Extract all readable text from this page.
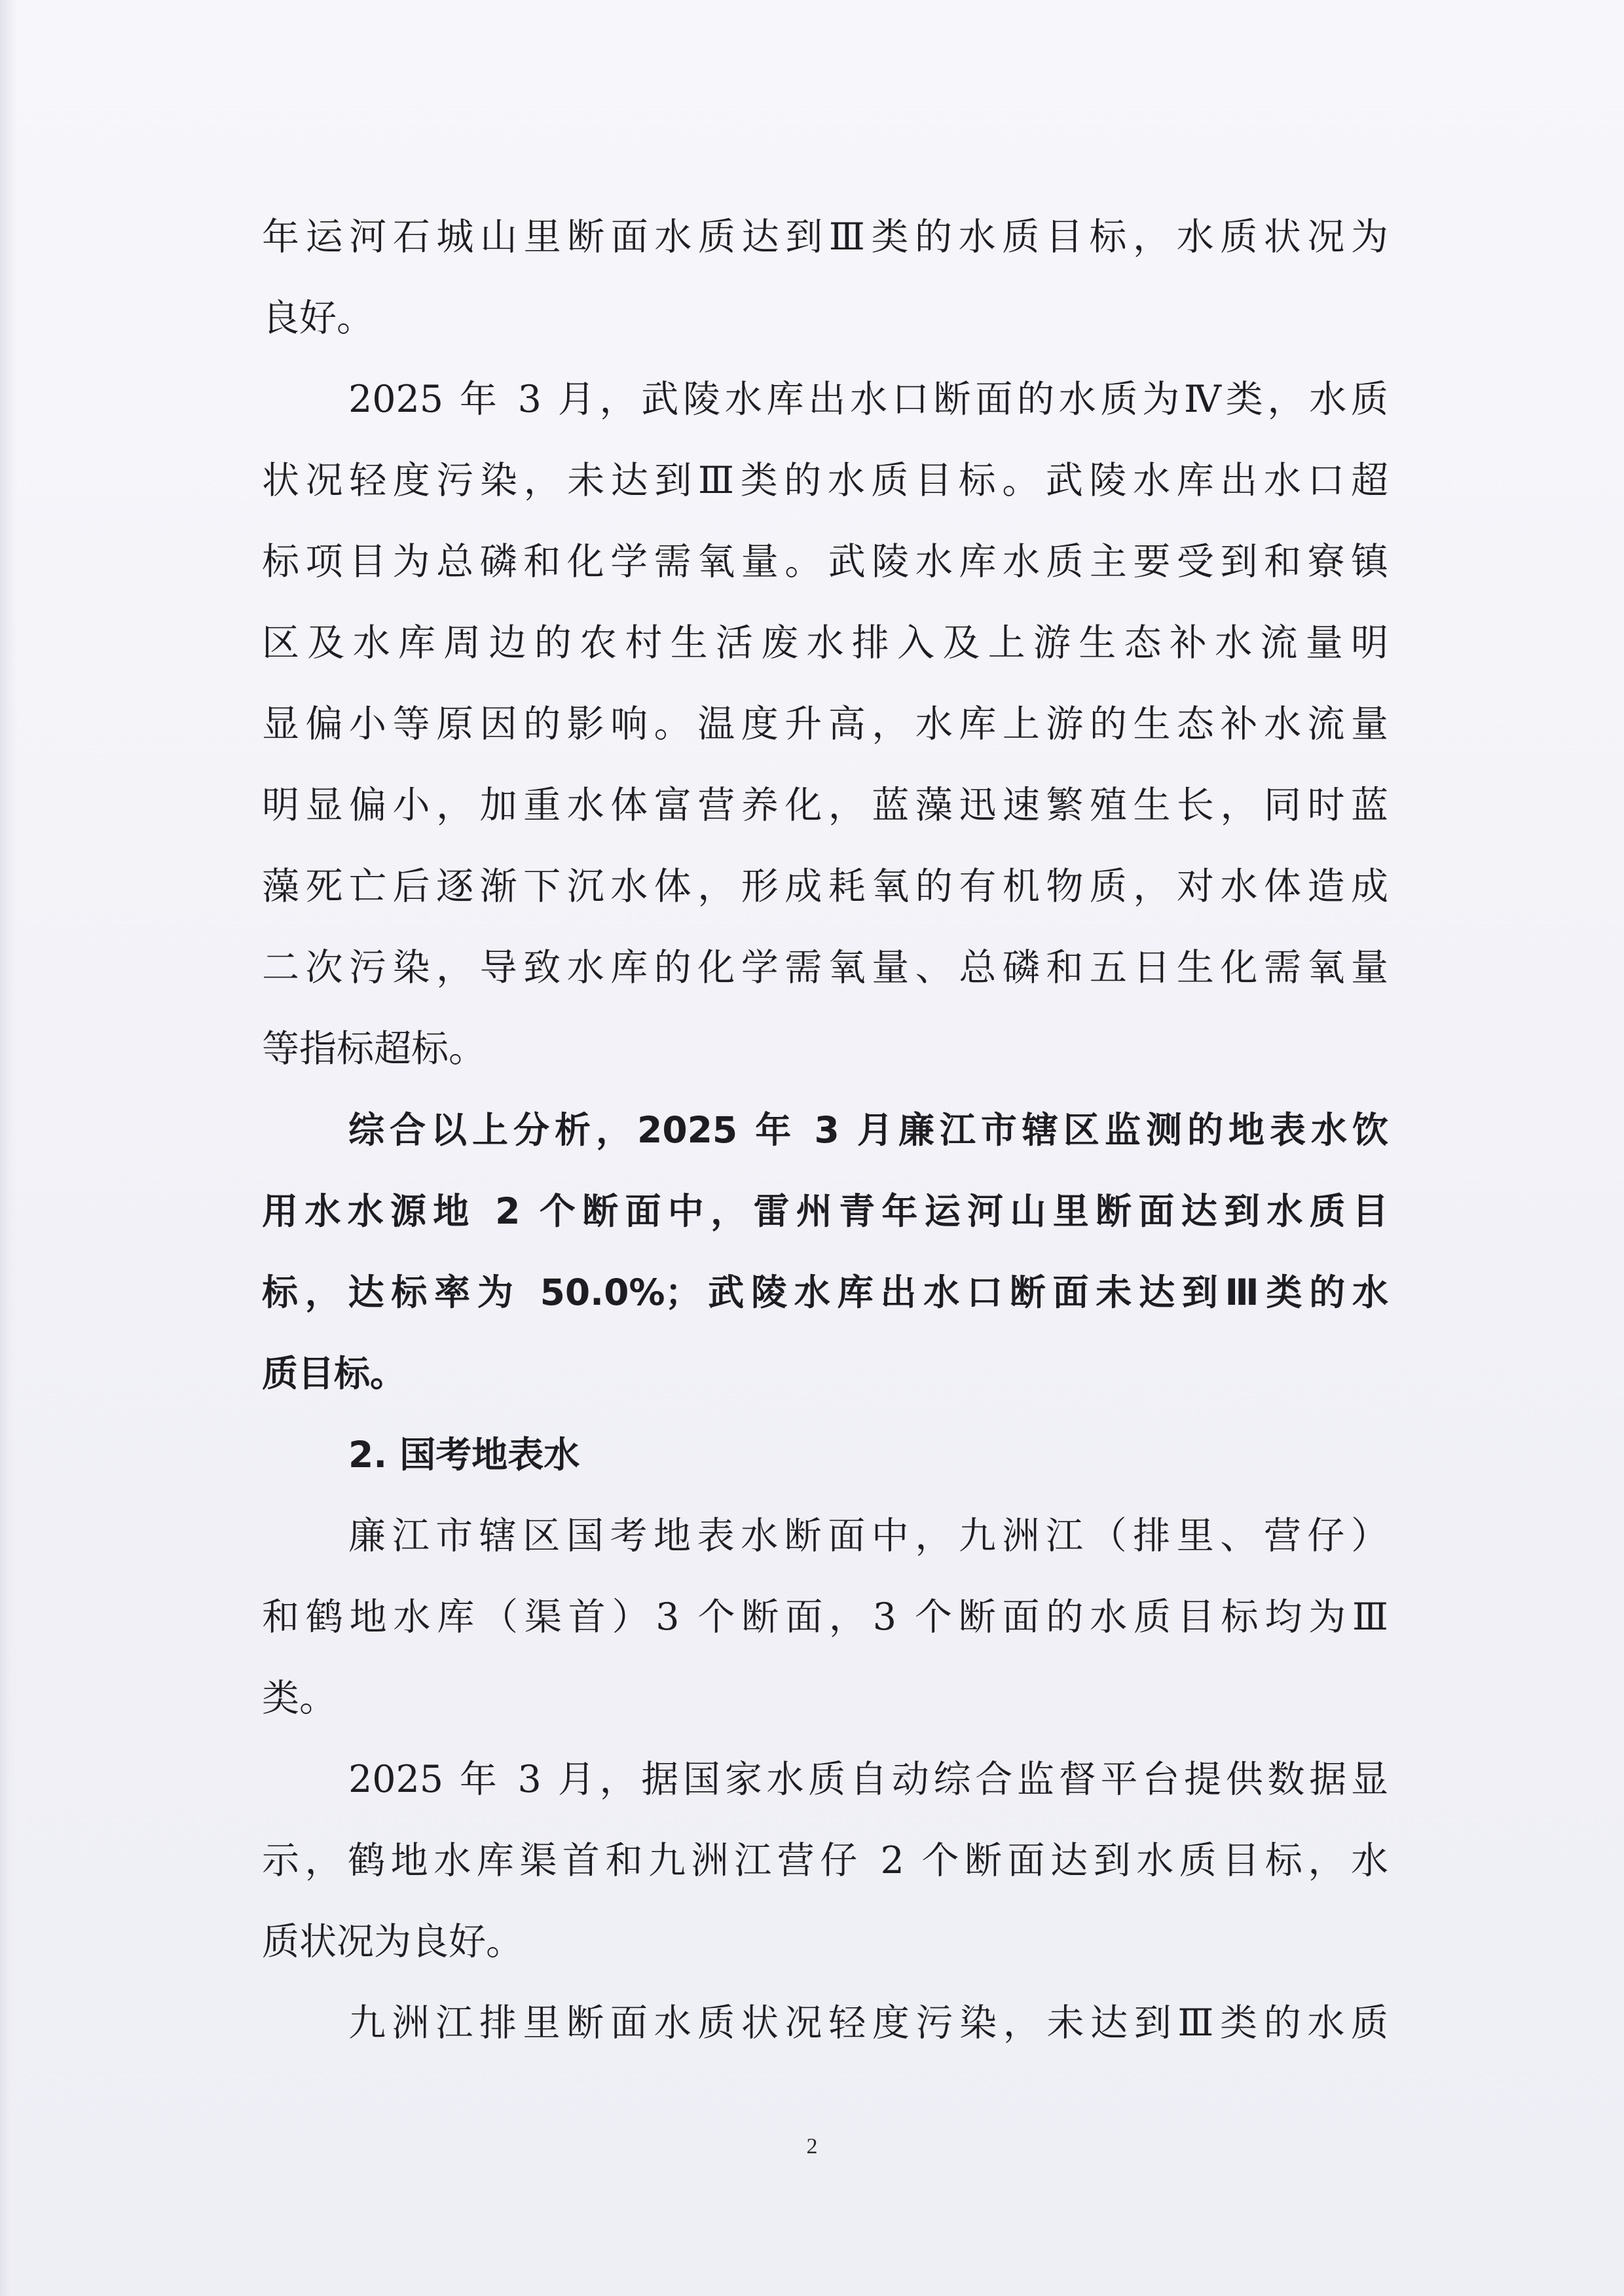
年运河石城山里断面水质达到Ⅲ类的水质目标，水质状况为
良好。
2025 年 3 月，武陵水库出水口断面的水质为Ⅳ类，水质
状况轻度污染，未达到Ⅲ类的水质目标。武陵水库出水口超
标项目为总磷和化学需氧量。武陵水库水质主要受到和寮镇
区及水库周边的农村生活废水排入及上游生态补水流量明
显偏小等原因的影响。温度升高，水库上游的生态补水流量
明显偏小，加重水体富营养化，蓝藻迅速繁殖生长，同时蓝
藻死亡后逐渐下沉水体，形成耗氧的有机物质，对水体造成
二次污染，导致水库的化学需氧量、总磷和五日生化需氧量
等指标超标。
综合以上分析，2025 年 3 月廉江市辖区监测的地表水饮
用水水源地 2 个断面中，雷州青年运河山里断面达到水质目
标，达标率为 50.0%；武陵水库出水口断面未达到Ⅲ类的水
质目标。
2. 国考地表水
廉江市辖区国考地表水断面中，九洲江（排里、营仔）
和鹤地水库（渠首）3 个断面，3 个断面的水质目标均为Ⅲ
类。
2025 年 3 月，据国家水质自动综合监督平台提供数据显
示，鹤地水库渠首和九洲江营仔 2 个断面达到水质目标，水
质状况为良好。
九洲江排里断面水质状况轻度污染，未达到Ⅲ类的水质
2
